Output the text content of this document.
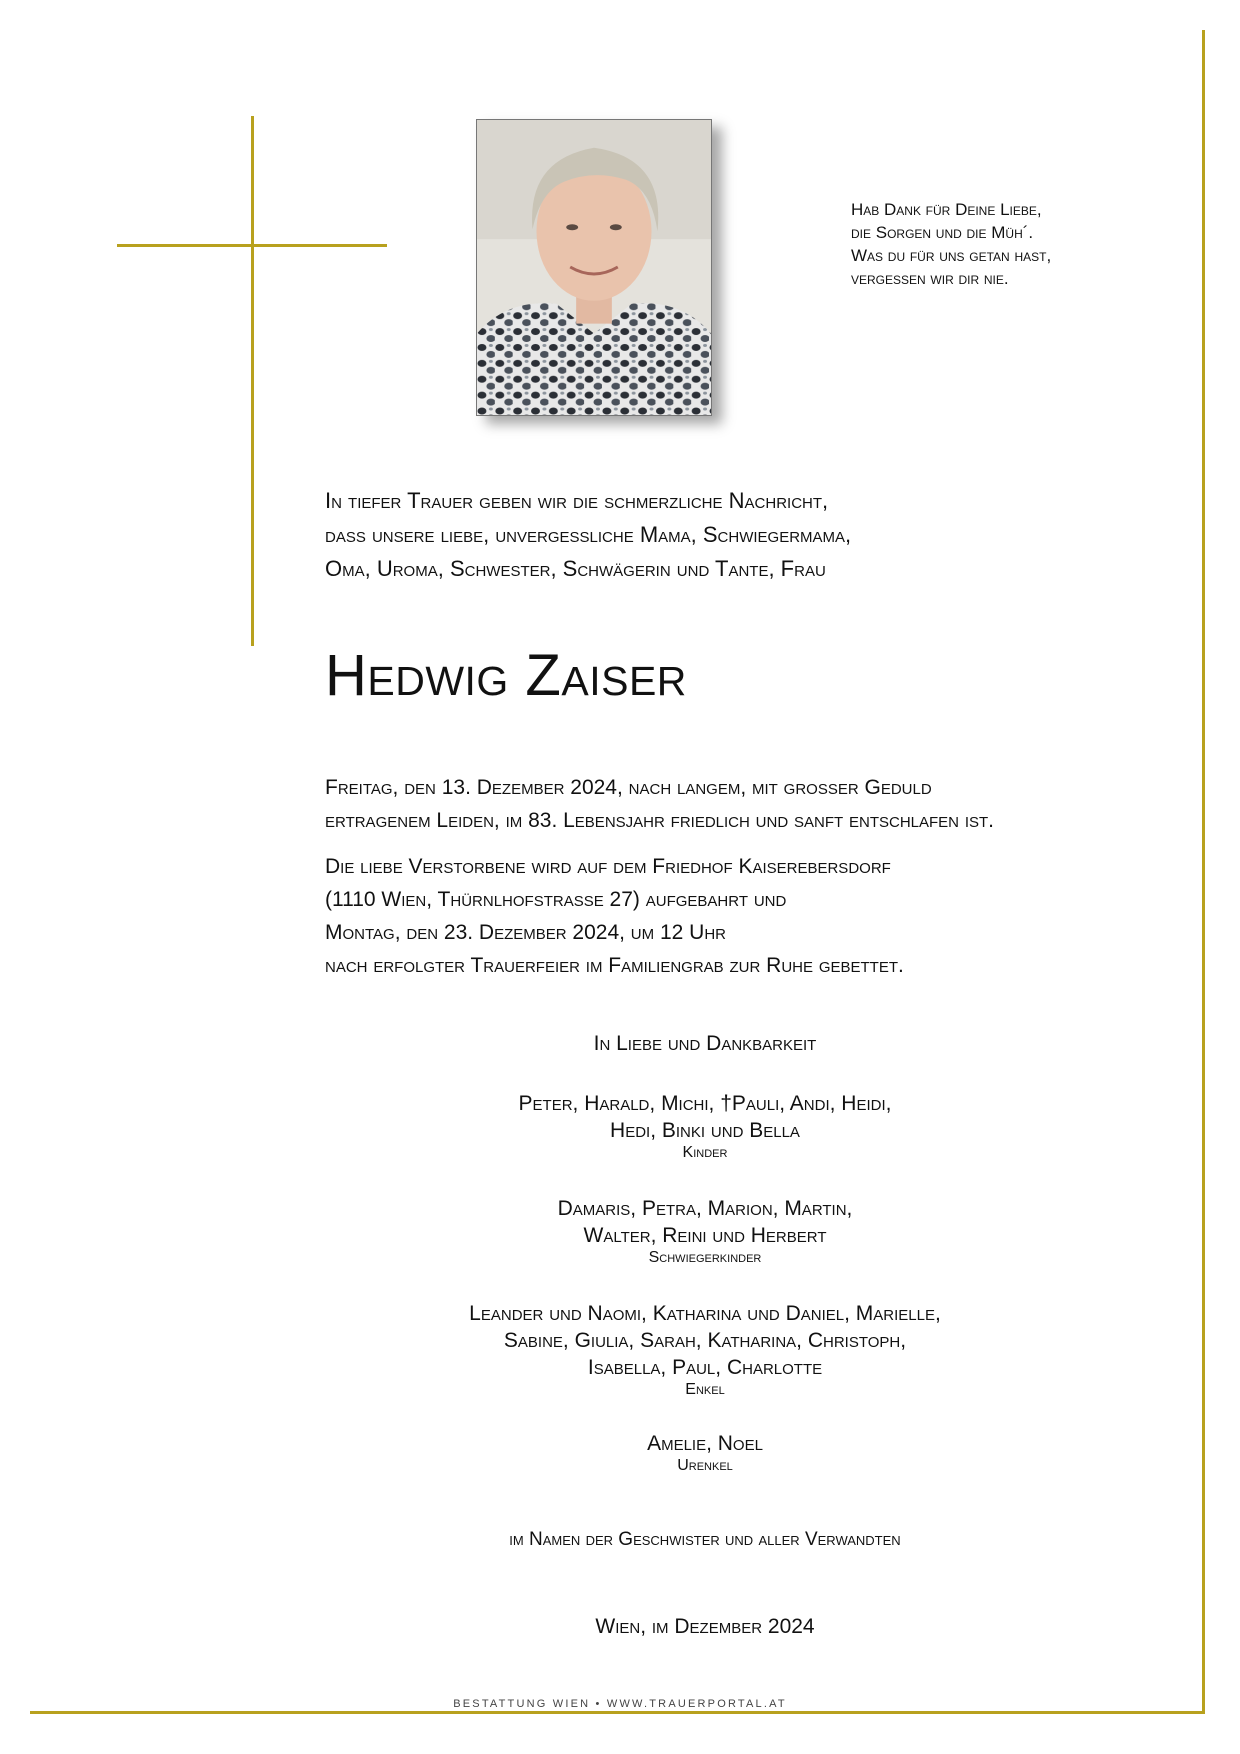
Hab Dank für Deine Liebe,
die Sorgen und die Müh´.
Was du für uns getan hast,
vergessen wir dir nie.
In tiefer Trauer geben wir die schmerzliche Nachricht,
dass unsere liebe, unvergessliche Mama, Schwiegermama,
Oma, Uroma, Schwester, Schwägerin und Tante, Frau
Hedwig Zaiser
Freitag, den 13. Dezember 2024, nach langem, mit grosser Geduld
ertragenem Leiden, im 83. Lebensjahr friedlich und sanft entschlafen ist.
Die liebe Verstorbene wird auf dem Friedhof Kaiserebersdorf
(1110 Wien, Thürnlhofstrasse 27) aufgebahrt und
Montag, den 23. Dezember 2024, um 12 Uhr
nach erfolgter Trauerfeier im Familiengrab zur Ruhe gebettet.
In Liebe und Dankbarkeit
Peter, Harald, Michi, †Pauli, Andi, Heidi,
Hedi, Binki und Bella
Kinder
Damaris, Petra, Marion, Martin,
Walter, Reini und Herbert
Schwiegerkinder
Leander und Naomi, Katharina und Daniel, Marielle,
Sabine, Giulia, Sarah, Katharina, Christoph,
Isabella, Paul, Charlotte
Enkel
Amelie, Noel
Urenkel
im Namen der Geschwister und aller Verwandten
Wien, im Dezember 2024
BESTATTUNG WIEN • WWW.TRAUERPORTAL.AT
